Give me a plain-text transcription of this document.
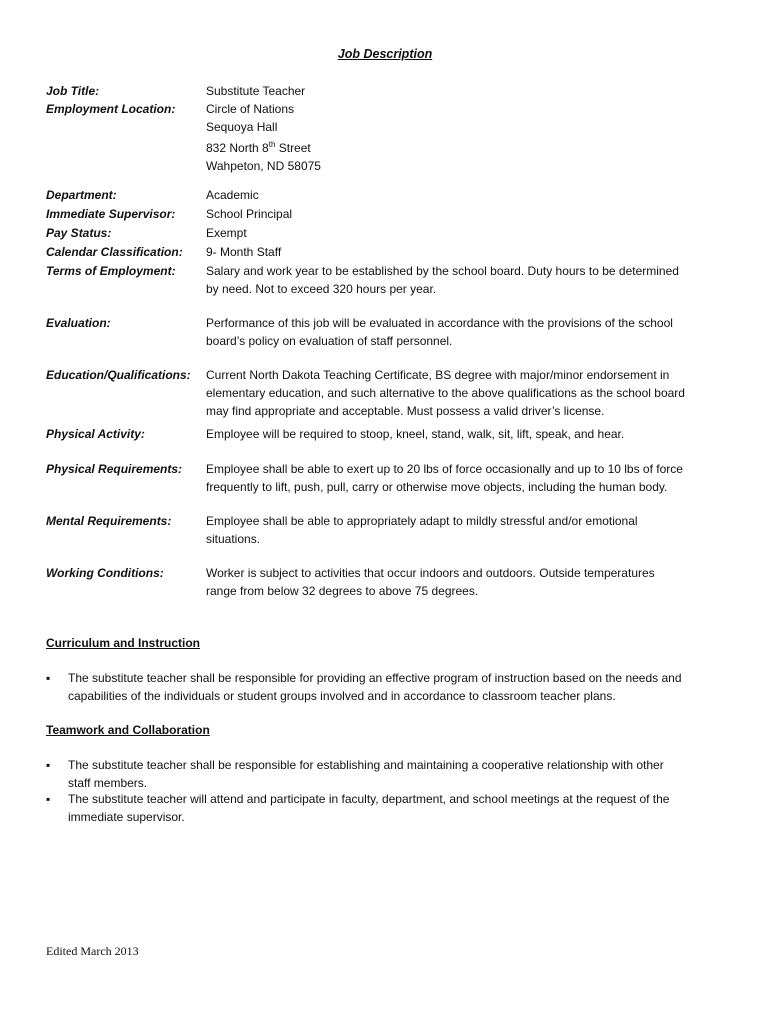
Job Description
Job Title:	Substitute Teacher
Employment Location:	Circle of Nations
Sequoya Hall
832 North 8th Street
Wahpeton, ND 58075
Department:	Academic
Immediate Supervisor:	School Principal
Pay Status:	Exempt
Calendar Classification:	9- Month Staff
Terms of Employment:	Salary and work year to be established by the school board. Duty hours to be determined
by need. Not to exceed 320 hours per year.
Evaluation:	Performance of this job will be evaluated in accordance with the provisions of the school
board’s policy on evaluation of staff personnel.
Education/Qualifications:	Current North Dakota Teaching Certificate, BS degree with major/minor endorsement in
elementary education, and such alternative to the above qualifications as the school board
may find appropriate and acceptable. Must possess a valid driver’s license.
Physical Activity:	Employee will be required to stoop, kneel, stand, walk, sit, lift, speak, and hear.
Physical Requirements:	Employee shall be able to exert up to 20 lbs of force occasionally and up to 10 lbs of force
frequently to lift, push, pull, carry or otherwise move objects, including the human body.
Mental Requirements:	Employee shall be able to appropriately adapt to mildly stressful and/or emotional
situations.
Working Conditions:	Worker is subject to activities that occur indoors and outdoors. Outside temperatures
range from below 32 degrees to above 75 degrees.
Curriculum and Instruction
▪ The substitute teacher shall be responsible for providing an effective program of instruction based on the needs and
capabilities of the individuals or student groups involved and in accordance to classroom teacher plans.
Teamwork and Collaboration
▪ The substitute teacher shall be responsible for establishing and maintaining a cooperative relationship with other
staff members.
▪ The substitute teacher will attend and participate in faculty, department, and school meetings at the request of the
immediate supervisor.
Edited March 2013
